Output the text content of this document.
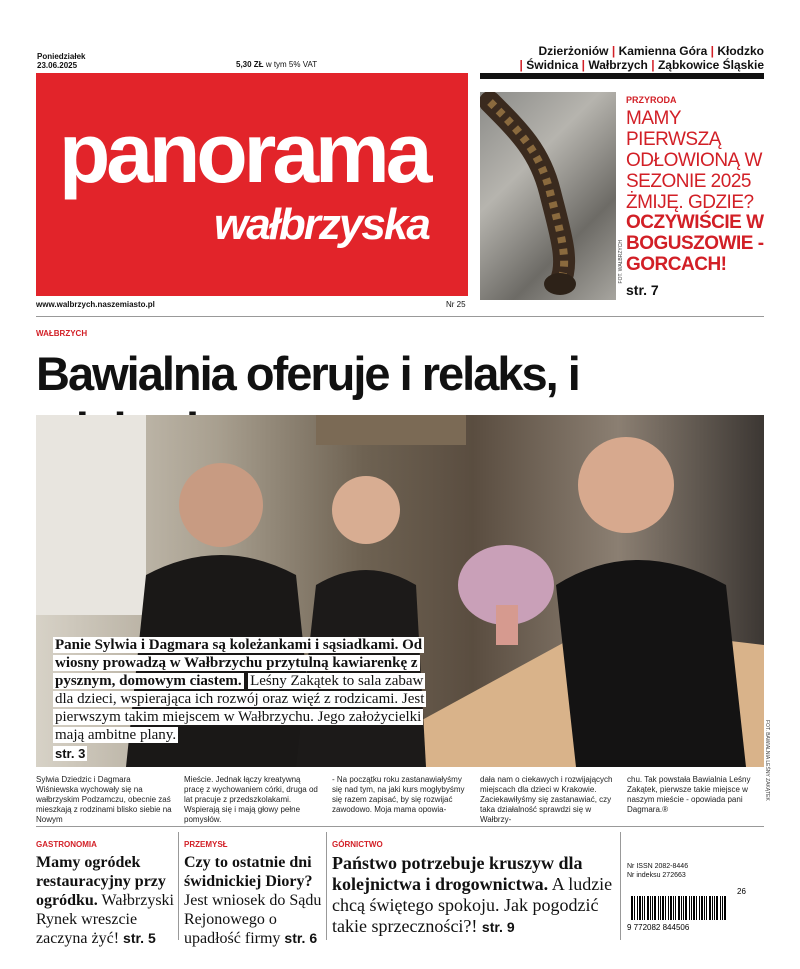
Poniedziałek
23.06.2025	5,30 ZŁ w tym 5% VAT
Dzierżoniów | Kamienna Góra | Kłodzko
| Świdnica | Wałbrzych | Ząbkowice Śląskie
panorama
wałbrzyska
www.walbrzych.naszemiasto.pl	Nr 25
FOT. WAŁBRZYCH
PRZYRODA
MAMY PIERWSZĄ ODŁOWIONĄ W SEZONIE 2025 ŻMIJĘ. GDZIE?
OCZYWIŚCIE W BOGUSZOWIE -GORCACH!
str. 7
WAŁBRZYCH
Bawialnia oferuje i relaks, i
FOT. BAWIALNIA LEŚNY ZAKĄTEK
Panie Sylwia i Dagmara są koleżankami i sąsiadkami. Od wiosny prowadzą w Wałbrzychu przytulną kawiarenkę z pysznym, domowym ciastem. Leśny Zakątek to sala zabaw dla dzieci, wspierająca ich rozwój oraz więź z rodzicami. Jest pierwszym takim miejscem w Wałbrzychu. Jego założycielki mają ambitne plany.
str. 3
Sylwia Dziedzic i Dagmara Wiśniewska wychowały się na wałbrzyskim Podzamczu, obecnie zaś mieszkają z rodzinami blisko siebie na Nowym
Mieście. Jednak łączy kreatywną pracę z wychowaniem córki, druga od lat pracuje z przedszkolakami. Wspierają się i mają głowy pełne pomysłów.
- Na początku roku zastanawiałyśmy się nad tym, na jaki kurs mogłybyśmy się razem zapisać, by się rozwijać zawodowo. Moja mama opowia-
dała nam o ciekawych i rozwijających miejscach dla dzieci w Krakowie. Zaciekawiłyśmy się zastanawiać, czy taka działalność sprawdzi się w Wałbrzy-
chu. Tak powstała Bawialnia Leśny Zakątek, pierwsze takie miejsce w naszym mieście - opowiada pani Dagmara.®
GASTRONOMIA
Mamy ogródek restauracyjny przy ogródku. Wałbrzyski Rynek wreszcie zaczyna żyć! str. 5
PRZEMYSŁ
Czy to ostatnie dni świdnickiej Diory? Jest wniosek do Sądu Rejonowego o upadłość firmy str. 6
GÓRNICTWO
Państwo potrzebuje kruszyw dla kolejnictwa i drogownictwa. A ludzie chcą świętego spokoju. Jak pogodzić takie sprzeczności?! str. 9
Nr ISSN 2082-8446
Nr indeksu 272663
26
9 772082 844506
